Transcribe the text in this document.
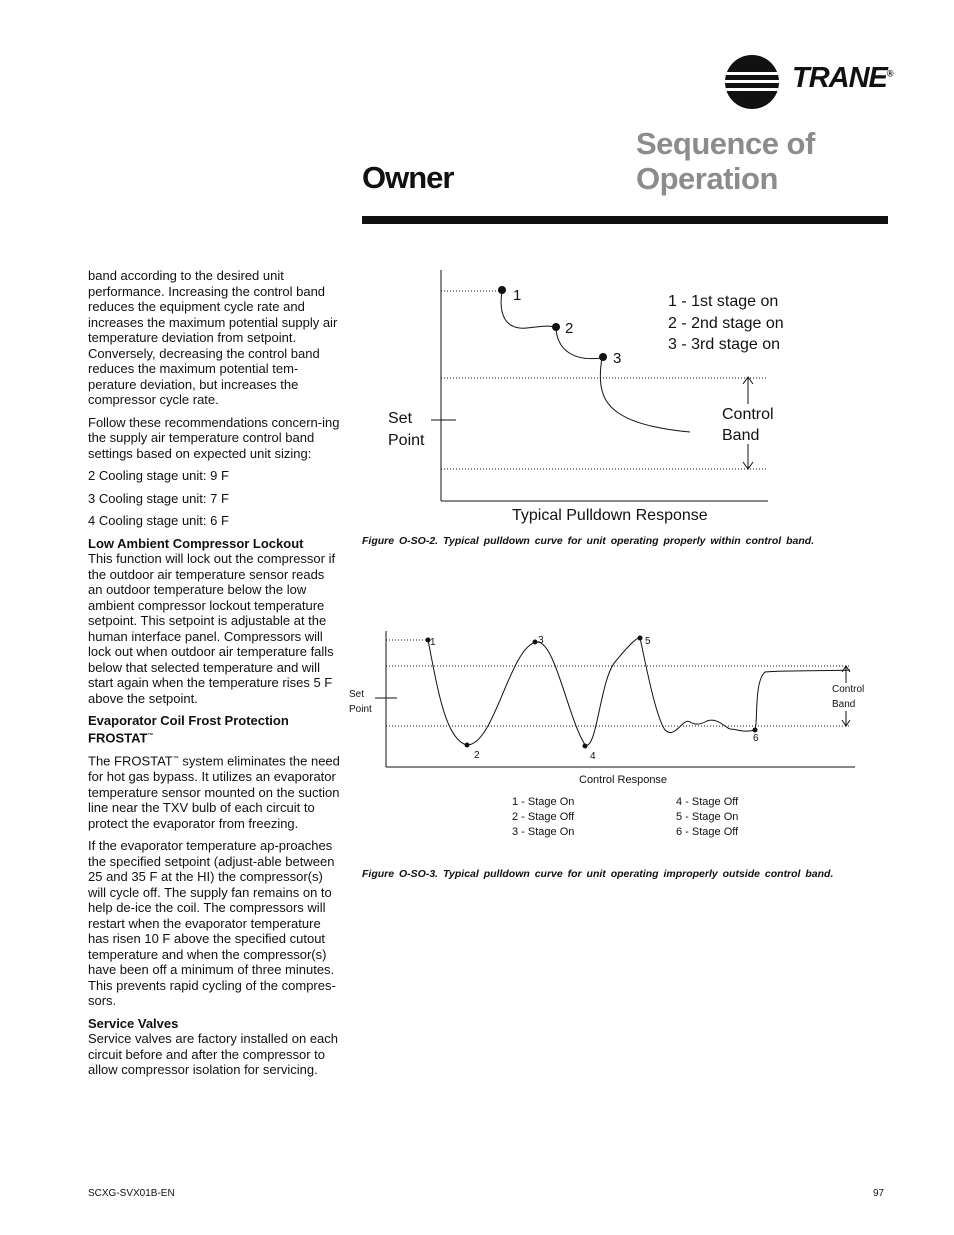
TRANE®
Owner
Sequence of
Operation

band according to the desired unit performance. Increasing the control band reduces the equipment cycle rate and increases the maximum potential supply air temperature deviation from setpoint. Conversely, decreasing the control band reduces the maximum potential tem-perature deviation, but increases the compressor cycle rate.

Follow these recommendations concern-ing the supply air temperature control band settings based on expected unit sizing:

2 Cooling stage unit: 9 F

3 Cooling stage unit: 7 F

4 Cooling stage unit: 6 F

Low Ambient Compressor Lockout

This function will lock out the compressor if the outdoor air temperature sensor reads an outdoor temperature below the low ambient compressor lockout temperature setpoint. This setpoint is adjustable at the human interface panel. Compressors will lock out when outdoor air temperature falls below that selected temperature and will start again when the temperature rises 5 F above the setpoint.

Evaporator Coil Frost Protection
FROSTAT™

The FROSTAT™ system eliminates the need for hot gas bypass. It utilizes an evaporator temperature sensor mounted on the suction line near the TXV bulb of each circuit to protect the evaporator from freezing.

If the evaporator temperature ap-proaches the specified setpoint (adjust-able between 25 and 35 F at the HI) the compressor(s) will cycle off. The supply fan remains on to help de-ice the coil. The compressors will restart when the evaporator temperature has risen 10 F above the specified cutout temperature and when the compressor(s) have been off a minimum of three minutes. This prevents rapid cycling of the compres-sors.

Service Valves

Service valves are factory installed on each circuit before and after the compressor to allow compressor isolation for servicing.

1
2
3
1 - 1st stage on
2 - 2nd stage on
3 - 3rd stage on
Set
Point
Control
Band
Typical Pulldown Response
Figure O-SO-2. Typical pulldown curve for unit operating properly within control band.
1
2
3
4
5
6
Set
Point
Control
Band
Control Response
1 - Stage On
2 - Stage Off
3 - Stage On
4 - Stage Off
5 - Stage On
6 - Stage Off
Figure O-SO-3. Typical pulldown curve for unit operating improperly outside control band.
SCXG-SVX01B-EN	97
